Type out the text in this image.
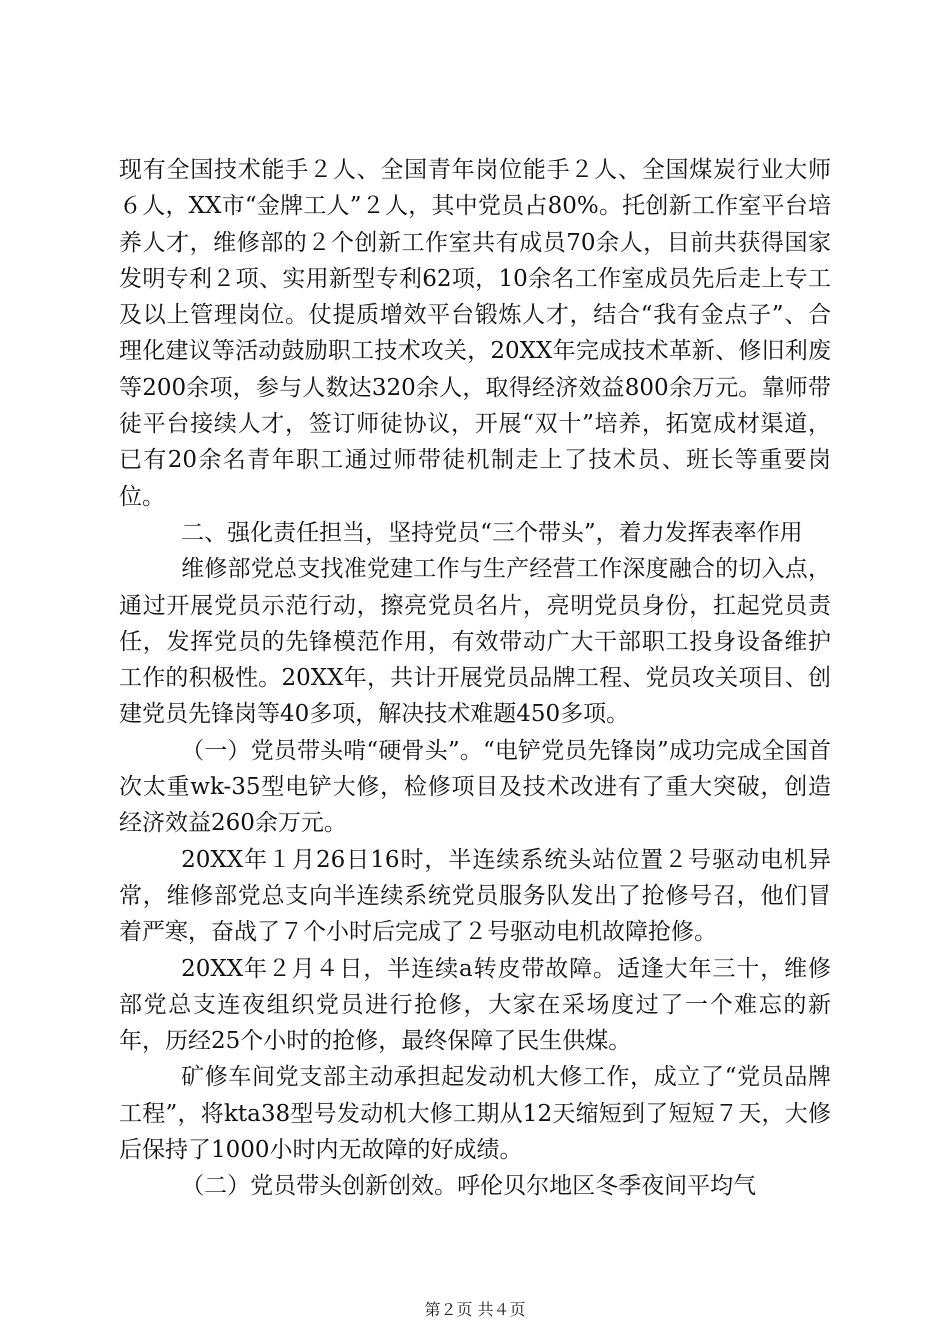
现有全国技术能手２人、全国青年岗位能手２人、全国煤炭行业大师６人，XX市“金牌工人”２人，其中党员占80%。托创新工作室平台培养人才，维修部的２个创新工作室共有成员70余人，目前共获得国家发明专利２项、实用新型专利62项，10余名工作室成员先后走上专工及以上管理岗位。仗提质增效平台锻炼人才，结合“我有金点子”、合理化建议等活动鼓励职工技术攻关，20XX年完成技术革新、修旧利废等200余项，参与人数达320余人，取得经济效益800余万元。靠师带徒平台接续人才，签订师徒协议，开展“双十”培养，拓宽成材渠道，已有20余名青年职工通过师带徒机制走上了技术员、班长等重要岗位。

二、强化责任担当，坚持党员“三个带头”，着力发挥表率作用

维修部党总支找准党建工作与生产经营工作深度融合的切入点，通过开展党员示范行动，擦亮党员名片，亮明党员身份，扛起党员责任，发挥党员的先锋模范作用，有效带动广大干部职工投身设备维护工作的积极性。20XX年，共计开展党员品牌工程、党员攻关项目、创建党员先锋岗等40多项，解决技术难题450多项。

（一）党员带头啃“硬骨头”。“电铲党员先锋岗”成功完成全国首次太重wk-35型电铲大修，检修项目及技术改进有了重大突破，创造经济效益260余万元。

20XX年１月26日16时，半连续系统头站位置２号驱动电机异常，维修部党总支向半连续系统党员服务队发出了抢修号召，他们冒着严寒，奋战了７个小时后完成了２号驱动电机故障抢修。

20XX年２月４日，半连续a转皮带故障。适逢大年三十，维修部党总支连夜组织党员进行抢修，大家在采场度过了一个难忘的新年，历经25个小时的抢修，最终保障了民生供煤。

矿修车间党支部主动承担起发动机大修工作，成立了“党员品牌工程”，将kta38型号发动机大修工期从12天缩短到了短短７天，大修后保持了1000小时内无故障的好成绩。

（二）党员带头创新创效。呼伦贝尔地区冬季夜间平均气

第２页 共４页
